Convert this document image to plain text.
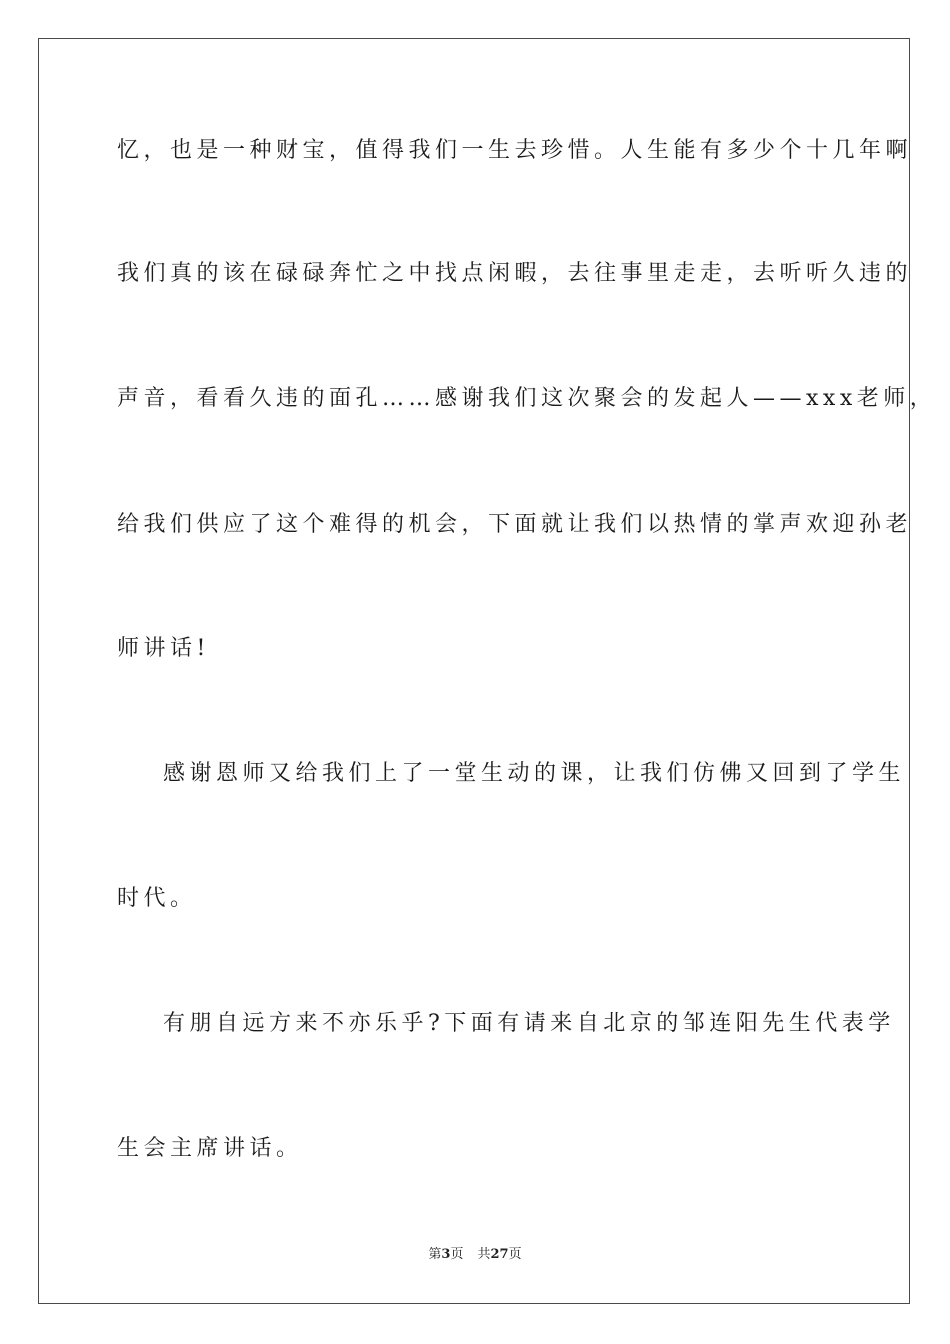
忆，也是一种财宝，值得我们一生去珍惜。人生能有多少个十几年啊
我们真的该在碌碌奔忙之中找点闲暇，去往事里走走，去听听久违的
声音，看看久违的面孔……感谢我们这次聚会的发起人——xxx老师，
给我们供应了这个难得的机会，下面就让我们以热情的掌声欢迎孙老
师讲话!
感谢恩师又给我们上了一堂生动的课，让我们仿佛又回到了学生
时代。
有朋自远方来不亦乐乎?下面有请来自北京的邹连阳先生代表学
生会主席讲话。
第3页 共27页
